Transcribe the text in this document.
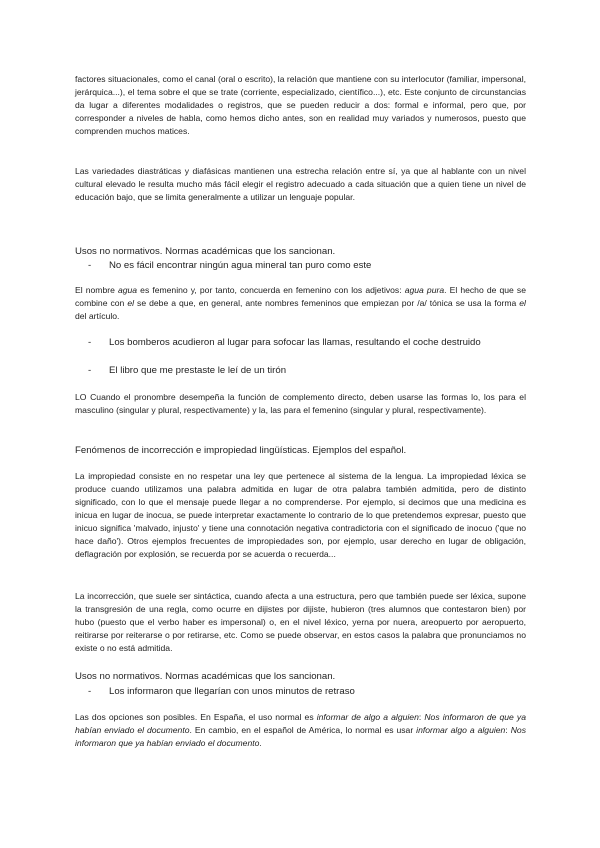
factores situacionales, como el canal (oral o escrito), la relación que mantiene con su interlocutor (familiar, impersonal, jerárquica...), el tema sobre el que se trate (corriente, especializado, científico...), etc. Este conjunto de circunstancias da lugar a diferentes modalidades o registros, que se pueden reducir a dos: formal e informal, pero que, por corresponder a niveles de habla, como hemos dicho antes, son en realidad muy variados y numerosos, puesto que comprenden muchos matices.

Las variedades diastráticas y diafásicas mantienen una estrecha relación entre sí, ya que al hablante con un nivel cultural elevado le resulta mucho más fácil elegir el registro adecuado a cada situación que a quien tiene un nivel de educación bajo, que se limita generalmente a utilizar un lenguaje popular.

Usos no normativos. Normas académicas que los sancionan.

- No es fácil encontrar ningún agua mineral tan puro como este

El nombre agua es femenino y, por tanto, concuerda en femenino con los adjetivos: agua pura. El hecho de que se combine con el se debe a que, en general, ante nombres femeninos que empiezan por /a/ tónica se usa la forma el del artículo.

- Los bomberos acudieron al lugar para sofocar las llamas, resultando el coche destruido
- El libro que me prestaste le leí de un tirón

LO Cuando el pronombre desempeña la función de complemento directo, deben usarse las formas lo, los para el masculino (singular y plural, respectivamente) y la, las para el femenino (singular y plural, respectivamente).

Fenómenos de incorrección e impropiedad lingüísticas. Ejemplos del español.

La impropiedad consiste en no respetar una ley que pertenece al sistema de la lengua. La impropiedad léxica se produce cuando utilizamos una palabra admitida en lugar de otra palabra también admitida, pero de distinto significado, con lo que el mensaje puede llegar a no comprenderse. Por ejemplo, si decimos que una medicina es inicua en lugar de inocua, se puede interpretar exactamente lo contrario de lo que pretendemos expresar, puesto que inicuo significa 'malvado, injusto' y tiene una connotación negativa contradictoria con el significado de inocuo ('que no hace daño'). Otros ejemplos frecuentes de impropiedades son, por ejemplo, usar derecho en lugar de obligación, deflagración por explosión, se recuerda por se acuerda o recuerda...

La incorrección, que suele ser sintáctica, cuando afecta a una estructura, pero que también puede ser léxica, supone la transgresión de una regla, como ocurre en dijistes por dijiste, hubieron (tres alumnos que contestaron bien) por hubo (puesto que el verbo haber es impersonal) o, en el nivel léxico, yerna por nuera, areopuerto por aeropuerto, reitirarse por reiterarse o por retirarse, etc. Como se puede observar, en estos casos la palabra que pronunciamos no existe o no está admitida.

Usos no normativos. Normas académicas que los sancionan.

- Los informaron que llegarían con unos minutos de retraso

Las dos opciones son posibles. En España, el uso normal es informar de algo a alguien: Nos informaron de que ya habían enviado el documento. En cambio, en el español de América, lo normal es usar informar algo a alguien: Nos informaron que ya habían enviado el documento.
